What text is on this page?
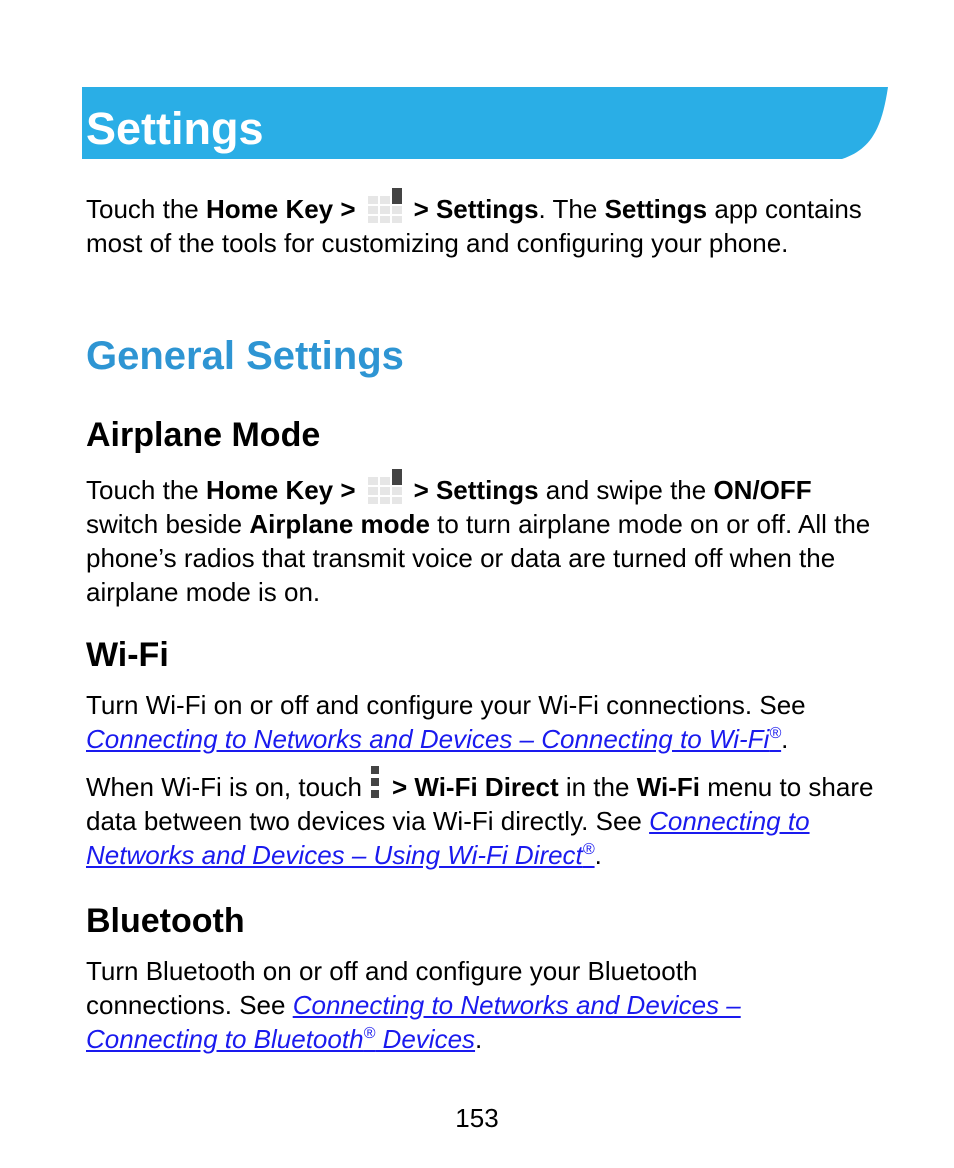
Settings

Touch the Home Key > > Settings. The Settings app contains most of the tools for customizing and configuring your phone.

General Settings
Airplane Mode

Touch the Home Key > > Settings and swipe the ON/OFF switch beside Airplane mode to turn airplane mode on or off. All the phone’s radios that transmit voice or data are turned off when the airplane mode is on.

Wi-Fi

Turn Wi-Fi on or off and configure your Wi-Fi connections. See Connecting to Networks and Devices – Connecting to Wi-Fi®.

When Wi-Fi is on, touch > Wi-Fi Direct in the Wi-Fi menu to share data between two devices via Wi-Fi directly. See Connecting to Networks and Devices – Using Wi-Fi Direct®.

Bluetooth

Turn Bluetooth on or off and configure your Bluetooth connections. See Connecting to Networks and Devices – Connecting to Bluetooth® Devices.

153
